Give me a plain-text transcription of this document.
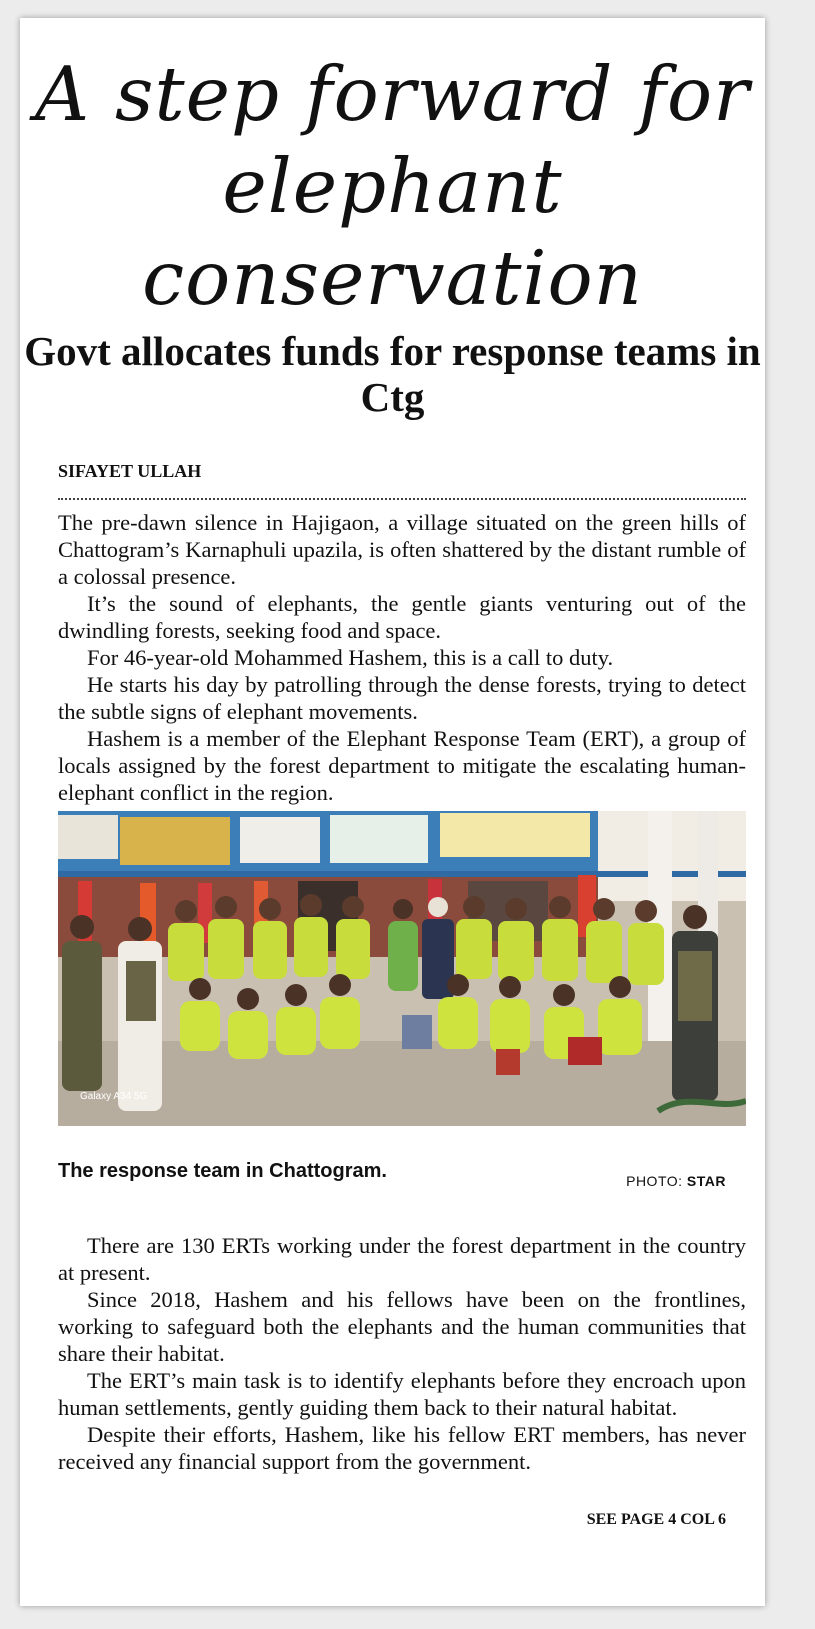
A step forward for elephant conservation
Govt allocates funds for response teams in Ctg
SIFAYET ULLAH

The pre-dawn silence in Hajigaon, a village situated on the green hills of Chattogram’s Karnaphuli upazila, is often shattered by the distant rumble of a colossal presence.

It’s the sound of elephants, the gentle giants venturing out of the dwindling forests, seeking food and space.

For 46-year-old Mohammed Hashem, this is a call to duty.

He starts his day by patrolling through the dense forests, trying to detect the subtle signs of elephant movements.

Hashem is a member of the Elephant Response Team (ERT), a group of locals assigned by the forest department to mitigate the escalating human-elephant conflict in the region.

Galaxy A34 5G
The response team in Chattogram.	PHOTO: STAR

There are 130 ERTs working under the forest department in the country at present.

Since 2018, Hashem and his fellows have been on the frontlines, working to safeguard both the elephants and the human communities that share their habitat.

The ERT’s main task is to identify elephants before they encroach upon human settlements, gently guiding them back to their natural habitat.

Despite their efforts, Hashem, like his fellow ERT members, has never received any financial support from the government.

SEE PAGE 4 COL 6
